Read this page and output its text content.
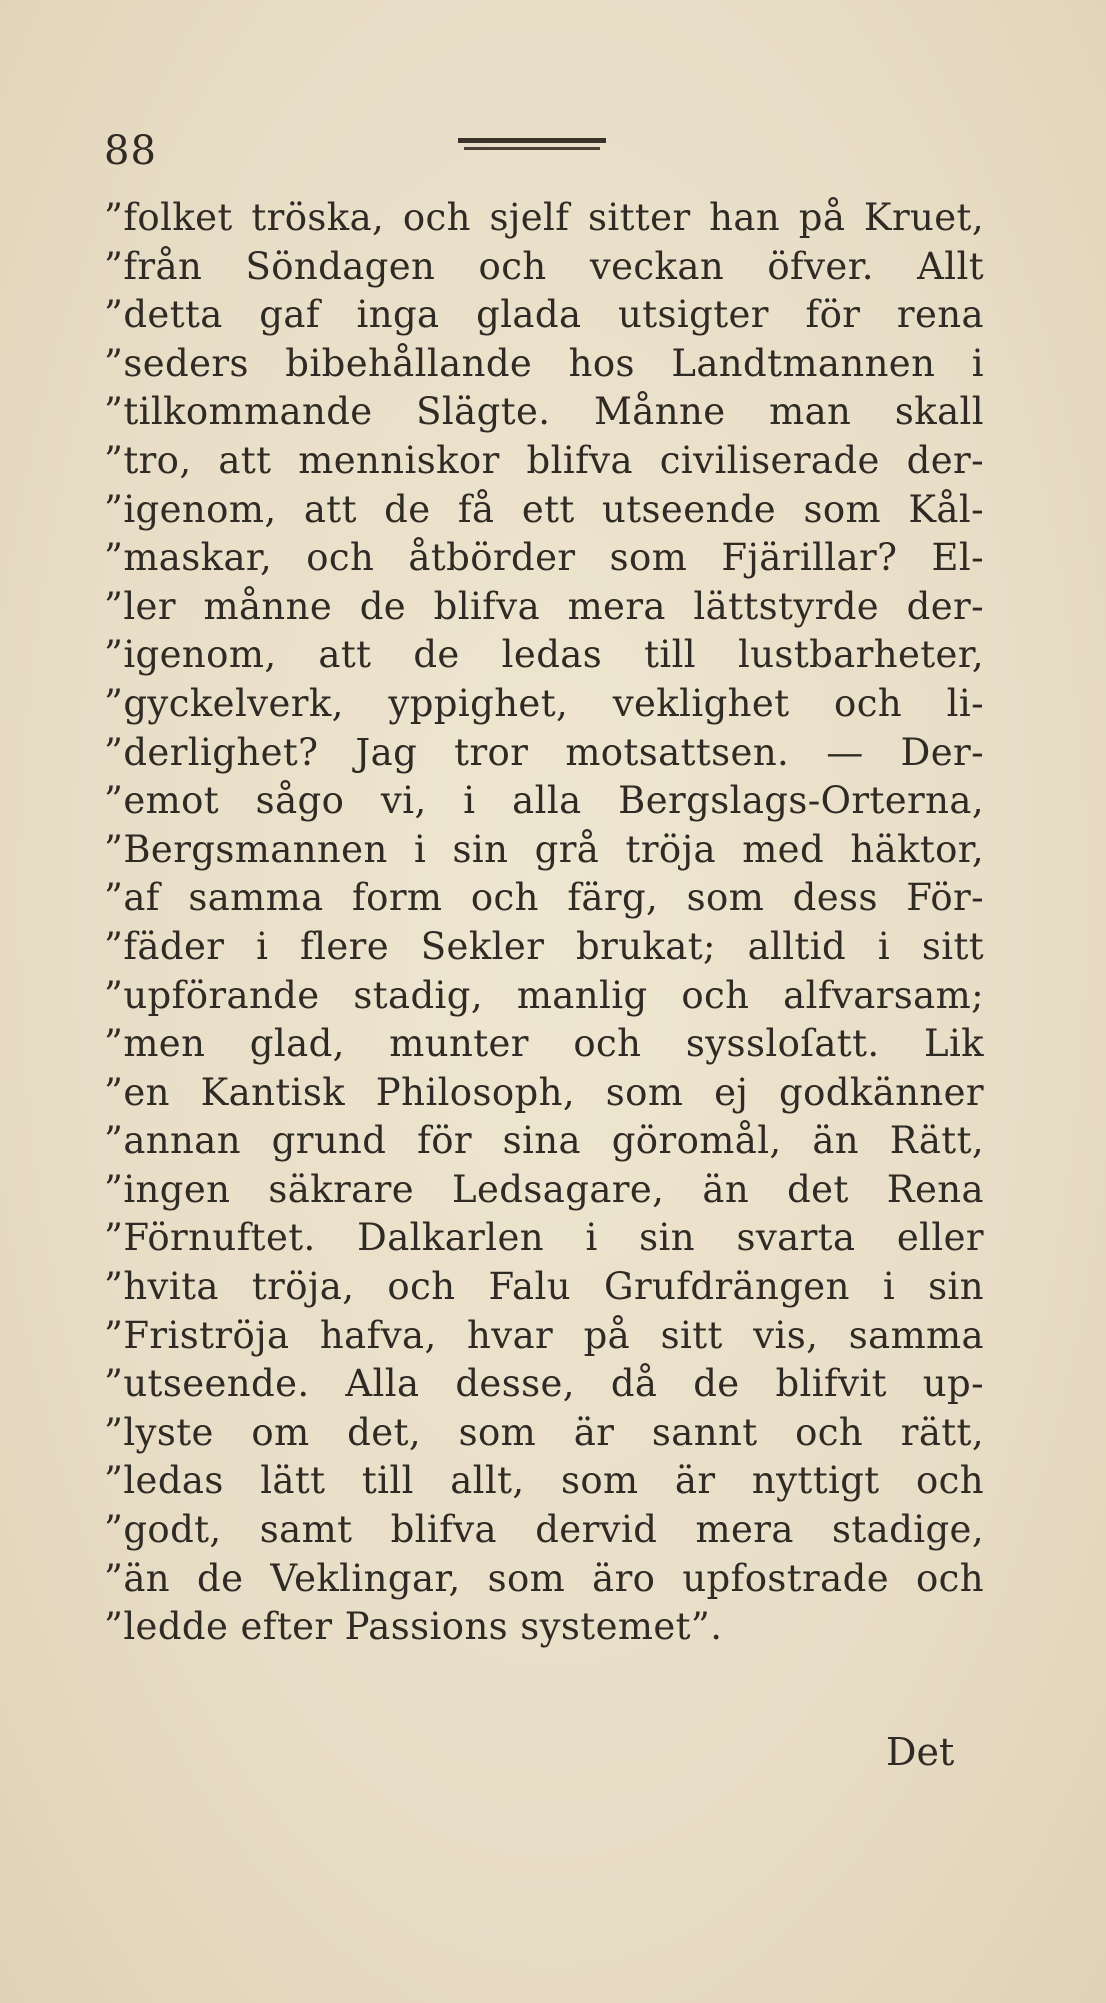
88
”folket tröska, och sjelf sitter han på Kruet,
”från Söndagen och veckan öfver. Allt
”detta gaf inga glada utsigter för rena
”seders bibehållande hos Landtmannen i
”tilkommande Slägte. Månne man skall
”tro, att menniskor blifva civiliserade der-
”igenom, att de få ett utseende som Kål-
”maskar, och åtbörder som Fjärillar? El-
”ler månne de blifva mera lättstyrde der-
”igenom, att de ledas till lustbarheter,
”gyckelverk, yppighet, veklighet och li-
”derlighet? Jag tror motsattsen. — Der-
”emot sågo vi, i alla Bergslags-Orterna,
”Bergsmannen i sin grå tröja med häktor,
”af samma form och färg, som dess För-
”fäder i flere Sekler brukat; alltid i sitt
”upförande stadig, manlig och alfvarsam;
”men glad, munter och syssloſatt. Lik
”en Kantisk Philosoph, som ej godkänner
”annan grund för sina göromål, än Rätt,
”ingen säkrare Ledsagare, än det Rena
”Förnuftet. Dalkarlen i sin svarta eller
”hvita tröja, och Falu Grufdrängen i sin
”Friströja hafva, hvar på sitt vis, samma
”utseende. Alla desse, då de blifvit up-
”lyste om det, som är sannt och rätt,
”ledas lätt till allt, som är nyttigt och
”godt, samt blifva dervid mera stadige,
”än de Veklingar, som äro upfostrade och
”ledde efter Passions systemet”.
Det
